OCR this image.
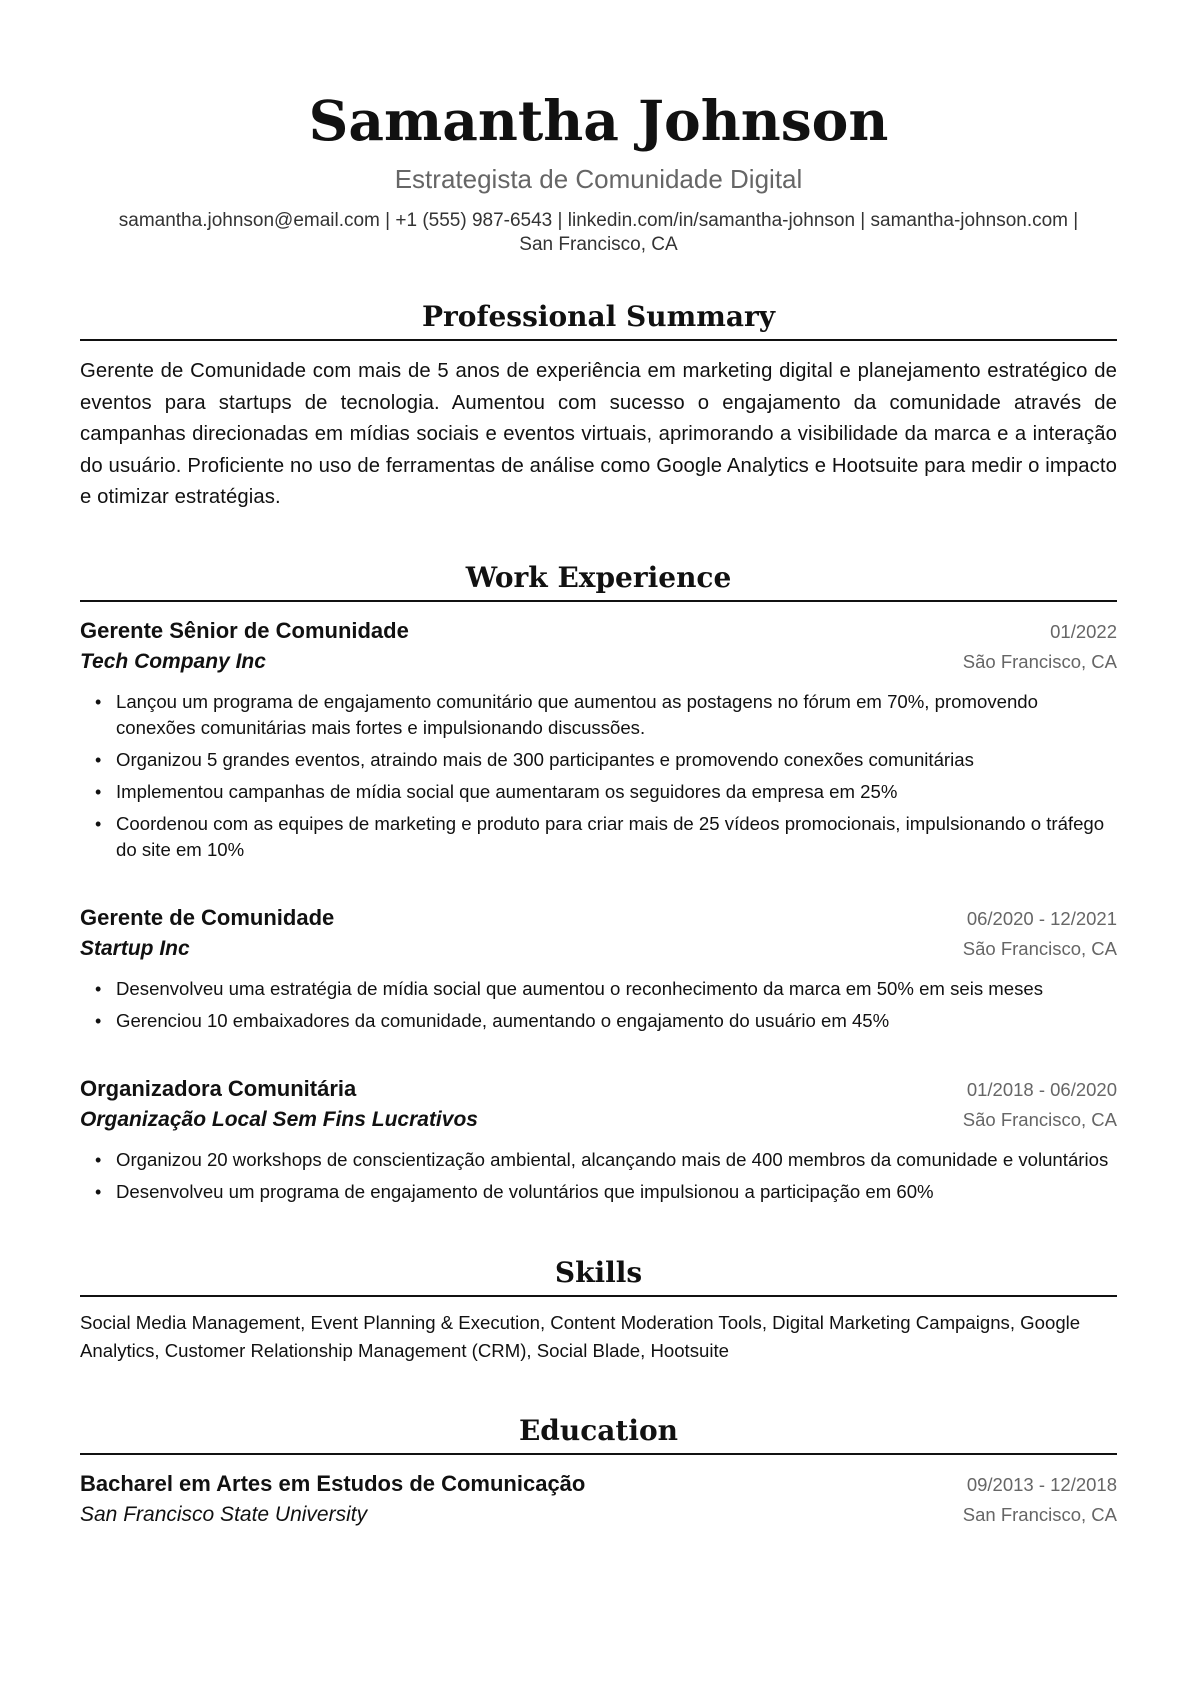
Samantha Johnson
Estrategista de Comunidade Digital
samantha.johnson@email.com | +1 (555) 987-6543 | linkedin.com/in/samantha-johnson | samantha-johnson.com |
San Francisco, CA
Professional Summary
Gerente de Comunidade com mais de 5 anos de experiência em marketing digital e planejamento estratégico de eventos para startups de tecnologia. Aumentou com sucesso o engajamento da comunidade através de campanhas direcionadas em mídias sociais e eventos virtuais, aprimorando a visibilidade da marca e a interação do usuário. Proficiente no uso de ferramentas de análise como Google Analytics e Hootsuite para medir o impacto e otimizar estratégias.
Work Experience
Gerente Sênior de Comunidade	01/2022
Tech Company Inc	São Francisco, CA
• Lançou um programa de engajamento comunitário que aumentou as postagens no fórum em 70%, promovendo conexões comunitárias mais fortes e impulsionando discussões.
• Organizou 5 grandes eventos, atraindo mais de 300 participantes e promovendo conexões comunitárias
• Implementou campanhas de mídia social que aumentaram os seguidores da empresa em 25%
• Coordenou com as equipes de marketing e produto para criar mais de 25 vídeos promocionais, impulsionando o tráfego do site em 10%
Gerente de Comunidade	06/2020 - 12/2021
Startup Inc	São Francisco, CA
• Desenvolveu uma estratégia de mídia social que aumentou o reconhecimento da marca em 50% em seis meses
• Gerenciou 10 embaixadores da comunidade, aumentando o engajamento do usuário em 45%
Organizadora Comunitária	01/2018 - 06/2020
Organização Local Sem Fins Lucrativos	São Francisco, CA
• Organizou 20 workshops de conscientização ambiental, alcançando mais de 400 membros da comunidade e voluntários
• Desenvolveu um programa de engajamento de voluntários que impulsionou a participação em 60%
Skills
Social Media Management, Event Planning & Execution, Content Moderation Tools, Digital Marketing Campaigns, Google Analytics, Customer Relationship Management (CRM), Social Blade, Hootsuite
Education
Bacharel em Artes em Estudos de Comunicação	09/2013 - 12/2018
San Francisco State University	San Francisco, CA
